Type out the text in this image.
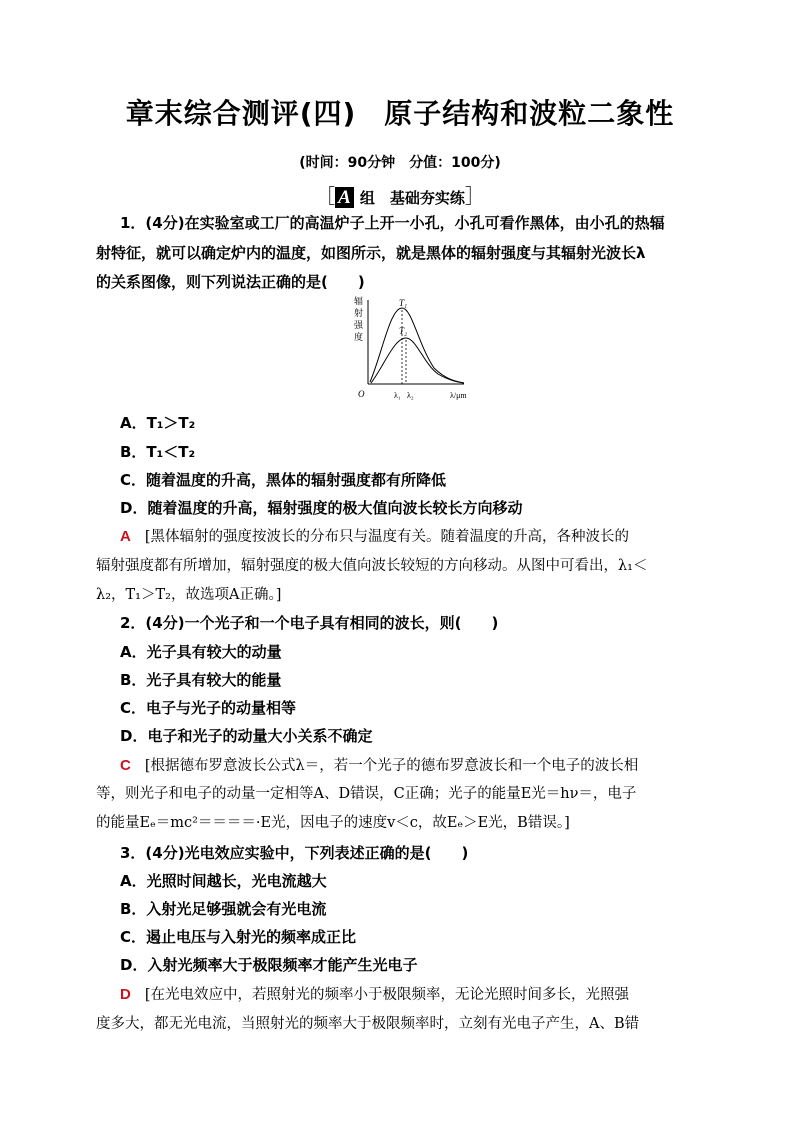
章末综合测评(四) 原子结构和波粒二象性
(时间：90分钟 分值：100分)
［ A 组　基础夯实练］
1．(4分)在实验室或工厂的高温炉子上开一小孔，小孔可看作黑体，由小孔的热辐
射特征，就可以确定炉内的温度，如图所示，就是黑体的辐射强度与其辐射光波长λ
的关系图像，则下列说法正确的是(　　)
辐
射
强
度
T₁
T₂
O	λ₁ λ₂	λ/μm
A．T₁＞T₂
B．T₁＜T₂
C．随着温度的升高，黑体的辐射强度都有所降低
D．随着温度的升高，辐射强度的极大值向波长较长方向移动
A [黑体辐射的强度按波长的分布只与温度有关。随着温度的升高，各种波长的
辐射强度都有所增加，辐射强度的极大值向波长较短的方向移动。从图中可看出，λ₁＜
λ₂，T₁＞T₂，故选项A正确。]
2．(4分)一个光子和一个电子具有相同的波长，则(　　)
A．光子具有较大的动量
B．光子具有较大的能量
C．电子与光子的动量相等
D．电子和光子的动量大小关系不确定
C [根据德布罗意波长公式λ＝，若一个光子的德布罗意波长和一个电子的波长相
等，则光子和电子的动量一定相等A、D错误，C正确；光子的能量E光＝hν＝，电子
的能量Eₑ＝mc²＝＝＝＝·E光，因电子的速度v＜c，故Eₑ＞E光，B错误。]
3．(4分)光电效应实验中，下列表述正确的是(　　)
A．光照时间越长，光电流越大
B．入射光足够强就会有光电流
C．遏止电压与入射光的频率成正比
D．入射光频率大于极限频率才能产生光电子
D [在光电效应中，若照射光的频率小于极限频率，无论光照时间多长，光照强
度多大，都无光电流，当照射光的频率大于极限频率时，立刻有光电子产生，A、B错
